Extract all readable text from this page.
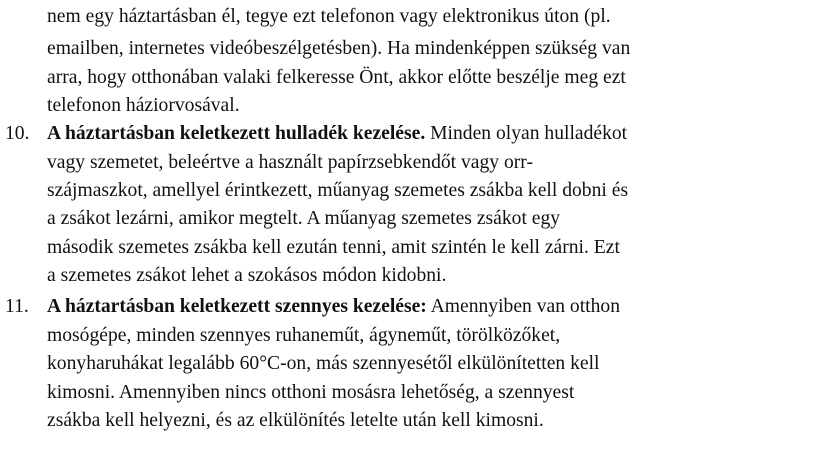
nem egy háztartásban él, tegye ezt telefonon vagy elektronikus úton (pl.
emailben, internetes videóbeszélgetésben). Ha mindenképpen szükség van
arra, hogy otthonában valaki felkeresse Önt, akkor előtte beszélje meg ezt
telefonon háziorvosával.
10. A háztartásban keletkezett hulladék kezelése. Minden olyan hulladékot
vagy szemetet, beleértve a használt papírzsebkendőt vagy orr-
szájmaszkot, amellyel érintkezett, műanyag szemetes zsákba kell dobni és
a zsákot lezárni, amikor megtelt. A műanyag szemetes zsákot egy
második szemetes zsákba kell ezután tenni, amit szintén le kell zárni. Ezt
a szemetes zsákot lehet a szokásos módon kidobni.
11. A háztartásban keletkezett szennyes kezelése: Amennyiben van otthon
mosógépe, minden szennyes ruhaneműt, ágyneműt, törölközőket,
konyharuhákat legalább 60°C-on, más szennyesétől elkülönítetten kell
kimosni. Amennyiben nincs otthoni mosásra lehetőség, a szennyest
zsákba kell helyezni, és az elkülönítés letelte után kell kimosni.
